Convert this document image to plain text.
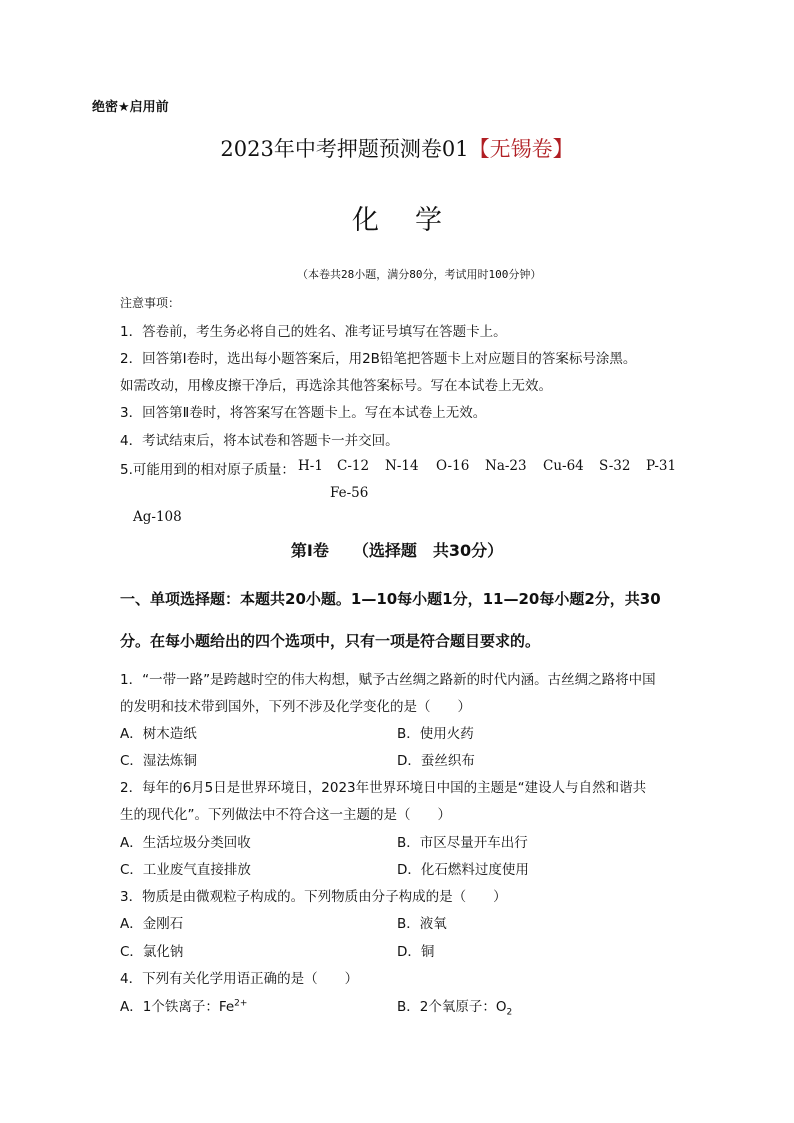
绝密★启用前
2023年中考押题预测卷01【无锡卷】
化学
（本卷共28小题，满分80分，考试用时100分钟）
注意事项：
1．答卷前，考生务必将自己的姓名、准考证号填写在答题卡上。
2．回答第Ⅰ卷时，选出每小题答案后，用2B铅笔把答题卡上对应题目的答案标号涂黑。
如需改动，用橡皮擦干净后，再选涂其他答案标号。写在本试卷上无效。
3．回答第Ⅱ卷时，将答案写在答题卡上。写在本试卷上无效。
4．考试结束后，将本试卷和答题卡一并交回。
5.可能用到的相对原子质量： H-1 C-12 N-14 O-16 Na-23 Cu-64 S-32 P-31
Fe-56
Ag-108
第Ⅰ卷　　（选择题　共30分）
一、单项选择题：本题共20小题。1—10每小题1分，11—20每小题2分，共30
分。在每小题给出的四个选项中，只有一项是符合题目要求的。
1．“一带一路”是跨越时空的伟大构想，赋予古丝绸之路新的时代内涵。古丝绸之路将中国
的发明和技术带到国外，下列不涉及化学变化的是（　　）
A．树木造纸	B．使用火药
C．湿法炼铜	D．蚕丝织布
2．每年的6月5日是世界环境日，2023年世界环境日中国的主题是“建设人与自然和谐共
生的现代化”。下列做法中不符合这一主题的是（　　）
A．生活垃圾分类回收	B．市区尽量开车出行
C．工业废气直接排放	D．化石燃料过度使用
3．物质是由微观粒子构成的。下列物质由分子构成的是（　　）
A．金刚石	B．液氧
C．氯化钠	D．铜
4．下列有关化学用语正确的是（　　）
A．1个铁离子：$Fe^{2+}$	B．2个氧原子：$O_2$
